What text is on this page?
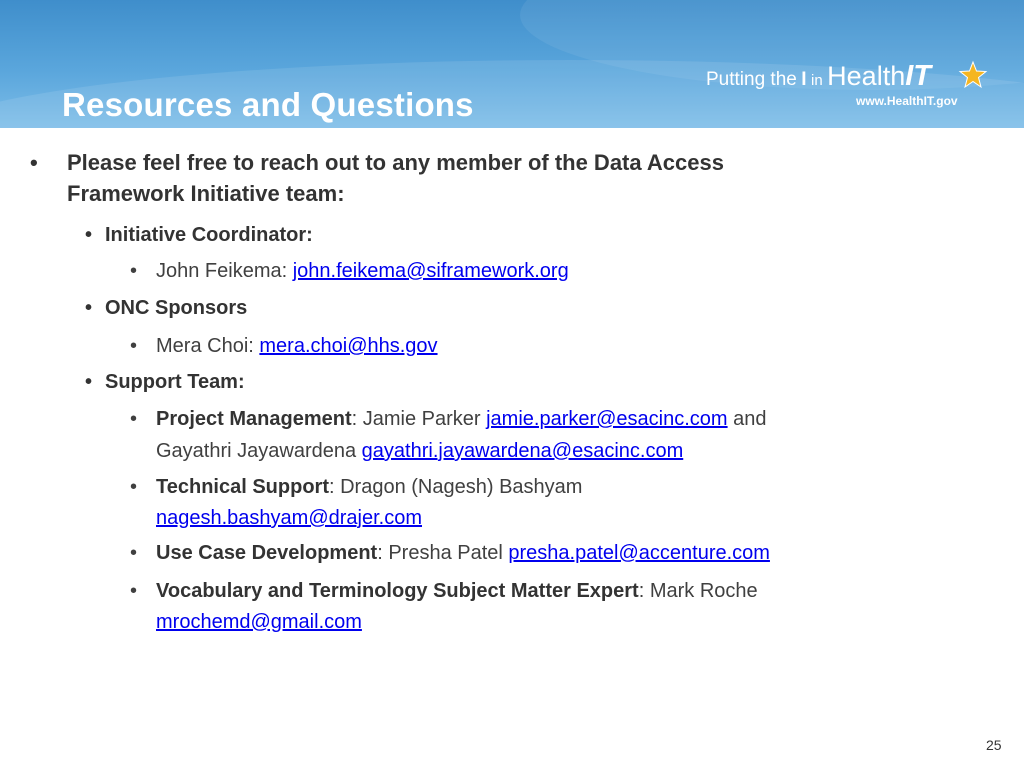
Resources and Questions
Putting the I in HealthIT
www.HealthIT.gov
• Please feel free to reach out to any member of the Data Access
Framework Initiative team:
• Initiative Coordinator:
• John Feikema: john.feikema@siframework.org
• ONC Sponsors
• Mera Choi: mera.choi@hhs.gov
• Support Team:
• Project Management: Jamie Parker jamie.parker@esacinc.com and
Gayathri Jayawardena gayathri.jayawardena@esacinc.com
• Technical Support: Dragon (Nagesh) Bashyam
nagesh.bashyam@drajer.com
• Use Case Development: Presha Patel presha.patel@accenture.com
• Vocabulary and Terminology Subject Matter Expert: Mark Roche
mrochemd@gmail.com
25
